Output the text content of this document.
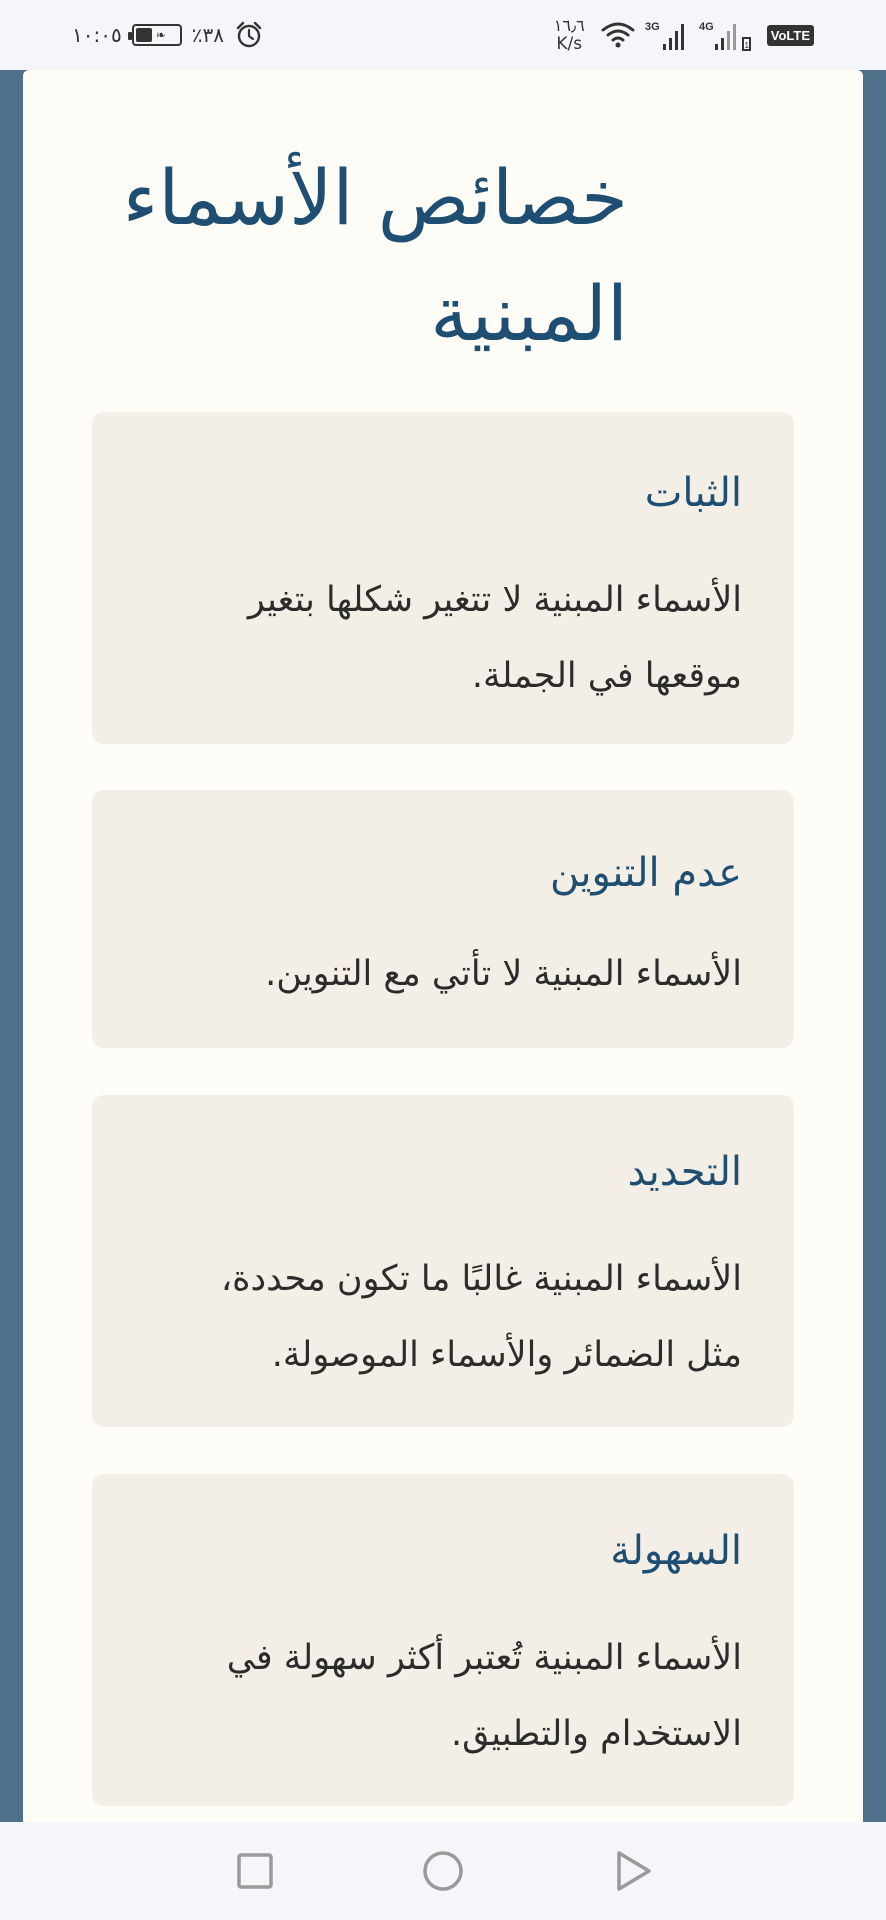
١٠:٠٥	❧ ٪٣٨	١٦٫٦
K/s
3G	4G
1
VoLTE
خصائص الأسماء المبنية
الثبات

الأسماء المبنية لا تتغير شكلها بتغير موقعها في الجملة.

عدم التنوين

الأسماء المبنية لا تأتي مع التنوين.

التحديد

الأسماء المبنية غالبًا ما تكون محددة، مثل الضمائر والأسماء الموصولة.

السهولة

الأسماء المبنية تُعتبر أكثر سهولة في الاستخدام والتطبيق.
